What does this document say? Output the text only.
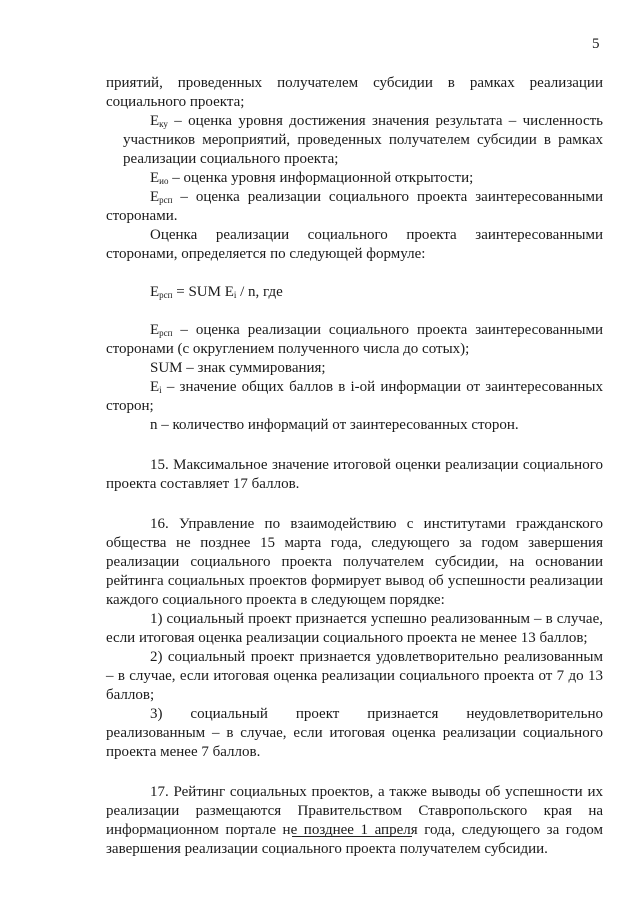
5

приятий, проведенных получателем субсидии в рамках реализации социального проекта;

$E_{ку}$ – оценка уровня достижения значения результата – численность участников мероприятий, проведенных получателем субсидии в рамках реализации социального проекта;

$E_{ио}$ – оценка уровня информационной открытости;

$E_{рсп}$ – оценка реализации социального проекта заинтересованными сторонами.

Оценка реализации социального проекта заинтересованными сторонами, определяется по следующей формуле:

$E_{рсп}$ = SUM $E_i$ / n, где

$E_{рсп}$ – оценка реализации социального проекта заинтересованными сторонами (с округлением полученного числа до сотых);

SUM – знак суммирования;

$E_i$ – значение общих баллов в i-ой информации от заинтересованных сторон;

n – количество информаций от заинтересованных сторон.

15. Максимальное значение итоговой оценки реализации социального проекта составляет 17 баллов.

16. Управление по взаимодействию с институтами гражданского общества не позднее 15 марта года, следующего за годом завершения реализации социального проекта получателем субсидии, на основании рейтинга социальных проектов формирует вывод об успешности реализации каждого социального проекта в следующем порядке:

1) социальный проект признается успешно реализованным – в случае, если итоговая оценка реализации социального проекта не менее 13 баллов;

2) социальный проект признается удовлетворительно реализованным – в случае, если итоговая оценка реализации социального проекта от 7 до 13 баллов;

3) социальный проект признается неудовлетворительно реализованным – в случае, если итоговая оценка реализации социального проекта менее 7 баллов.

17. Рейтинг социальных проектов, а также выводы об успешности их реализации размещаются Правительством Ставропольского края на информационном портале не позднее 1 апреля года, следующего за годом завершения реализации социального проекта получателем субсидии.
